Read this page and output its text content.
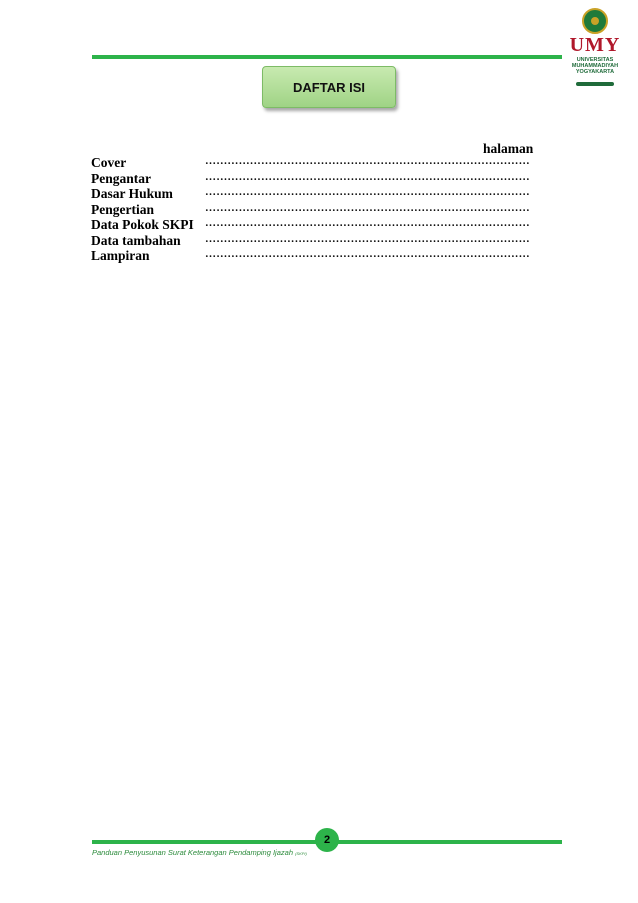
UMY
UNIVERSITAS
MUHAMMADIYAH
YOGYAKARTA
DAFTAR ISI
halaman
Cover	……………………………………………………………………………
Pengantar	……………………………………………………………………………
Dasar Hukum	……………………………………………………………………………
Pengertian	……………………………………………………………………………
Data Pokok SKPI ……………………………………………………………………………
Data tambahan ……………………………………………………………………………
Lampiran	……………………………………………………………………………
2
Panduan Penyusunan Surat Keterangan Pendamping Ijazah (SKPI)
